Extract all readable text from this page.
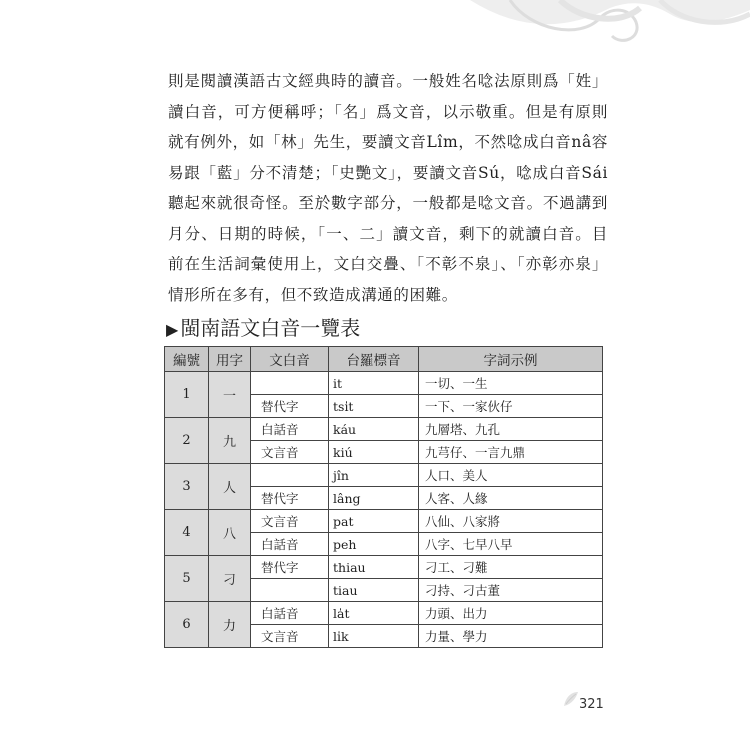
則是閱讀漢語古文經典時的讀音。一般姓名唸法原則爲「姓」讀白音，可方便稱呼；「名」爲文音，以示敬重。但是有原則就有例外，如「林」先生，要讀文音Lîm，不然唸成白音nâ容易跟「藍」分不清楚；「史艷文」，要讀文音Sú，唸成白音Sái聽起來就很奇怪。至於數字部分，一般都是唸文音。不過講到月分、日期的時候，「一、二」讀文音，剩下的就讀白音。目前在生活詞彙使用上，文白交疊、「不彰不泉」、「亦彰亦泉」情形所在多有，但不致造成溝通的困難。

▶ 閩南語文白音一覽表
編號	用字	文白音	台羅標音	字詞示例
1	一		it	一切、一生
		替代字	tsi̍t	一下、一家伙仔
2	九	白話音	káu	九層塔、九孔
		文言音	kiú	九芎仔、一言九鼎
3	人		jîn	人口、美人
		替代字	lâng	人客、人緣
4	八	文言音	pat	八仙、八家將
		白話音	peh	八字、七早八早
5	刁	替代字	thiau	刁工、刁難
			tiau	刁持、刁古董
6	力	白話音	la̍t	力頭、出力
		文言音	li̍k	力量、學力
321
